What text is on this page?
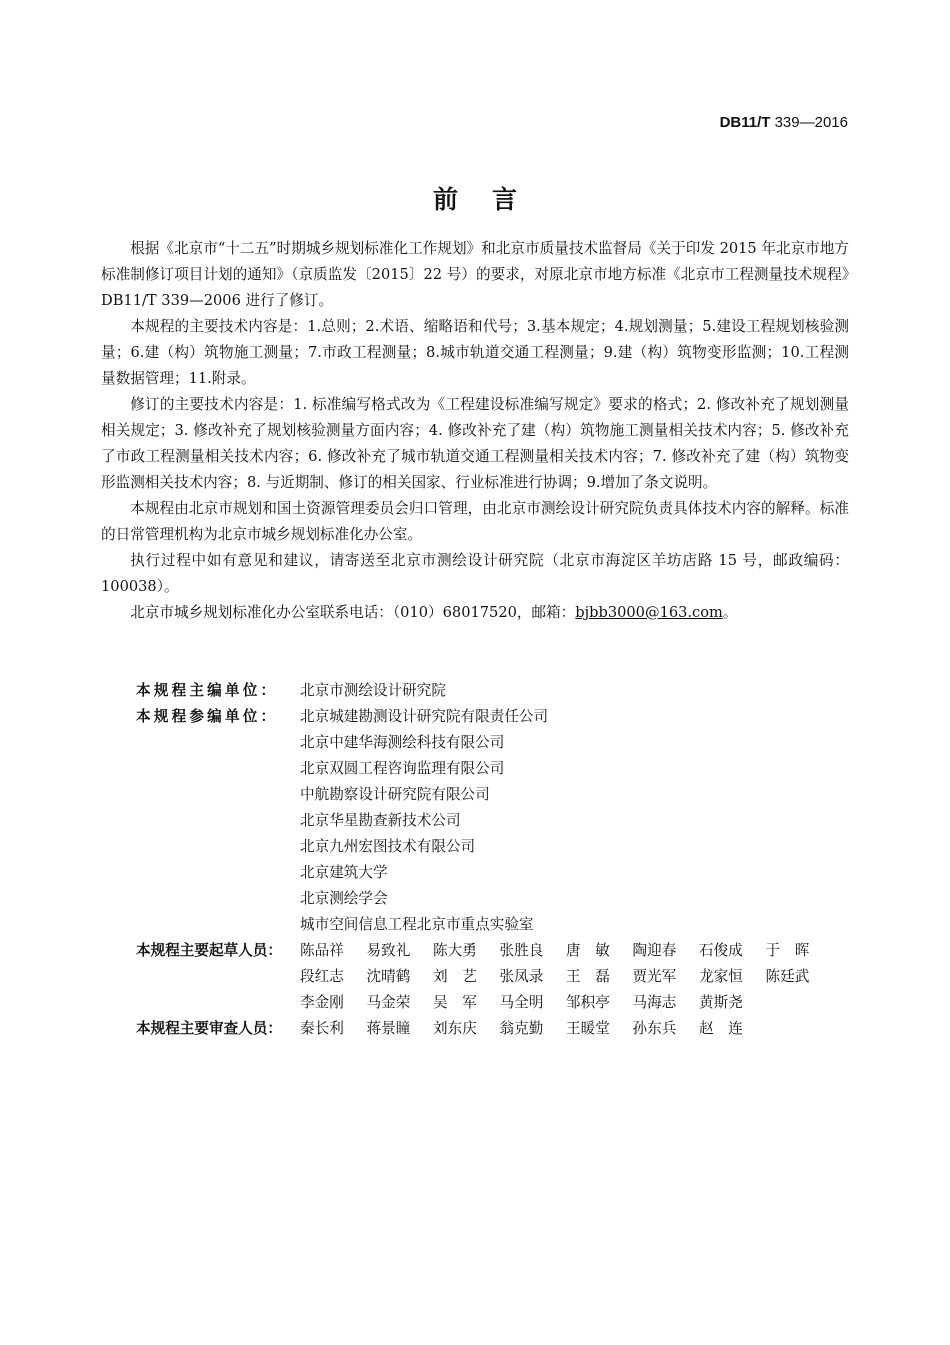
DB11/T 339—2016
前言

根据《北京市“十二五”时期城乡规划标准化工作规划》和北京市质量技术监督局《关于印发 2015 年北京市地方标准制修订项目计划的通知》（京质监发〔2015〕22 号）的要求，对原北京市地方标准《北京市工程测量技术规程》DB11/T 339—2006 进行了修订。

本规程的主要技术内容是：1.总则；2.术语、缩略语和代号；3.基本规定；4.规划测量；5.建设工程规划核验测量；6.建（构）筑物施工测量；7.市政工程测量；8.城市轨道交通工程测量；9.建（构）筑物变形监测；10.工程测量数据管理；11.附录。

修订的主要技术内容是：1. 标准编写格式改为《工程建设标准编写规定》要求的格式；2. 修改补充了规划测量相关规定；3. 修改补充了规划核验测量方面内容；4. 修改补充了建（构）筑物施工测量相关技术内容；5. 修改补充了市政工程测量相关技术内容；6. 修改补充了城市轨道交通工程测量相关技术内容；7. 修改补充了建（构）筑物变形监测相关技术内容；8. 与近期制、修订的相关国家、行业标准进行协调；9.增加了条文说明。

本规程由北京市规划和国土资源管理委员会归口管理，由北京市测绘设计研究院负责具体技术内容的解释。标准的日常管理机构为北京市城乡规划标准化办公室。

执行过程中如有意见和建议，请寄送至北京市测绘设计研究院（北京市海淀区羊坊店路 15 号，邮政编码：100038）。

北京市城乡规划标准化办公室联系电话：（010）68017520，邮箱：bjbb3000@163.com。

本规程主编单位：	北京市测绘设计研究院
本规程参编单位：	北京城建勘测设计研究院有限责任公司
北京中建华海测绘科技有限公司
北京双圆工程咨询监理有限公司
中航勘察设计研究院有限公司
北京华星勘查新技术公司
北京九州宏图技术有限公司
北京建筑大学
北京测绘学会
城市空间信息工程北京市重点实验室
本规程主要起草人员：	陈品祥	易致礼	陈大勇	张胜良	唐　敏	陶迎春	石俊成	于　晖
段红志	沈晴鹤	刘　艺	张凤录	王　磊	贾光军	龙家恒	陈廷武
李金刚	马金荣	吴　军	马全明	邹积亭	马海志	黄斯尧
本规程主要审查人员：	秦长利	蒋景瞳	刘东庆	翁克勤	王暖堂	孙东兵	赵　连
